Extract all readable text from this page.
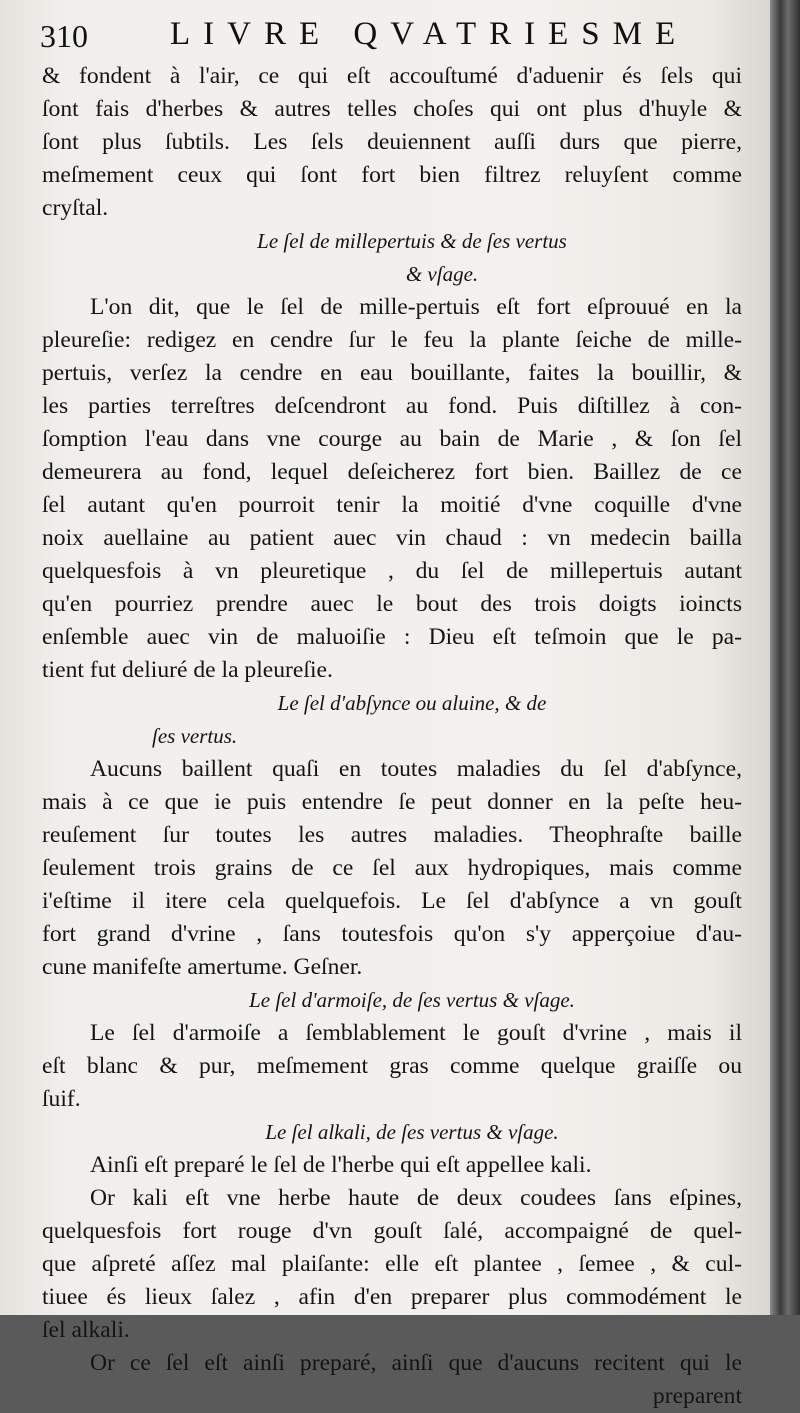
310 LIVRE QVATRIESME
& fondent à l'air, ce qui eſt accouſtumé d'aduenir és ſels qui
ſont fais d'herbes & autres telles choſes qui ont plus d'huyle &
ſont plus ſubtils. Les ſels deuiennent auſſi durs que pierre,
meſmement ceux qui ſont fort bien filtrez reluyſent comme
cryſtal.
Le ſel de millepertuis & de ſes vertus
& vſage.
L'on dit, que le ſel de mille-pertuis eſt fort eſprouué en la
pleureſie: redigez en cendre ſur le feu la plante ſeiche de mille-
pertuis, verſez la cendre en eau bouillante, faites la bouillir, &
les parties terreſtres deſcendront au fond. Puis diſtillez à con-
ſomption l'eau dans vne courge au bain de Marie , & ſon ſel
demeurera au fond, lequel deſeicherez fort bien. Baillez de ce
ſel autant qu'en pourroit tenir la moitié d'vne coquille d'vne
noix auellaine au patient auec vin chaud : vn medecin bailla
quelquesfois à vn pleuretique , du ſel de millepertuis autant
qu'en pourriez prendre auec le bout des trois doigts ioincts
enſemble auec vin de maluoiſie : Dieu eſt teſmoin que le pa-
tient fut deliuré de la pleureſie.
Le ſel d'abſynce ou aluine, & de
ſes vertus.
Aucuns baillent quaſi en toutes maladies du ſel d'abſynce,
mais à ce que ie puis entendre ſe peut donner en la peſte heu-
reuſement ſur toutes les autres maladies. Theophraſte baille
ſeulement trois grains de ce ſel aux hydropiques, mais comme
i'eſtime il itere cela quelquefois. Le ſel d'abſynce a vn gouſt
fort grand d'vrine , ſans toutesfois qu'on s'y apperçoiue d'au-
cune manifeſte amertume. Geſner.
Le ſel d'armoiſe, de ſes vertus & vſage.
Le ſel d'armoiſe a ſemblablement le gouſt d'vrine , mais il
eſt blanc & pur, meſmement gras comme quelque graiſſe ou
ſuif.
Le ſel alkali, de ſes vertus & vſage.
Ainſi eſt preparé le ſel de l'herbe qui eſt appellee kali.
Or kali eſt vne herbe haute de deux coudees ſans eſpines,
quelquesfois fort rouge d'vn gouſt ſalé, accompaigné de quel-
que aſpreté aſſez mal plaiſante: elle eſt plantee , ſemee , & cul-
tiuee és lieux ſalez , afin d'en preparer plus commodément le
ſel alkali.
Or ce ſel eſt ainſi preparé, ainſi que d'aucuns recitent qui le
preparent
